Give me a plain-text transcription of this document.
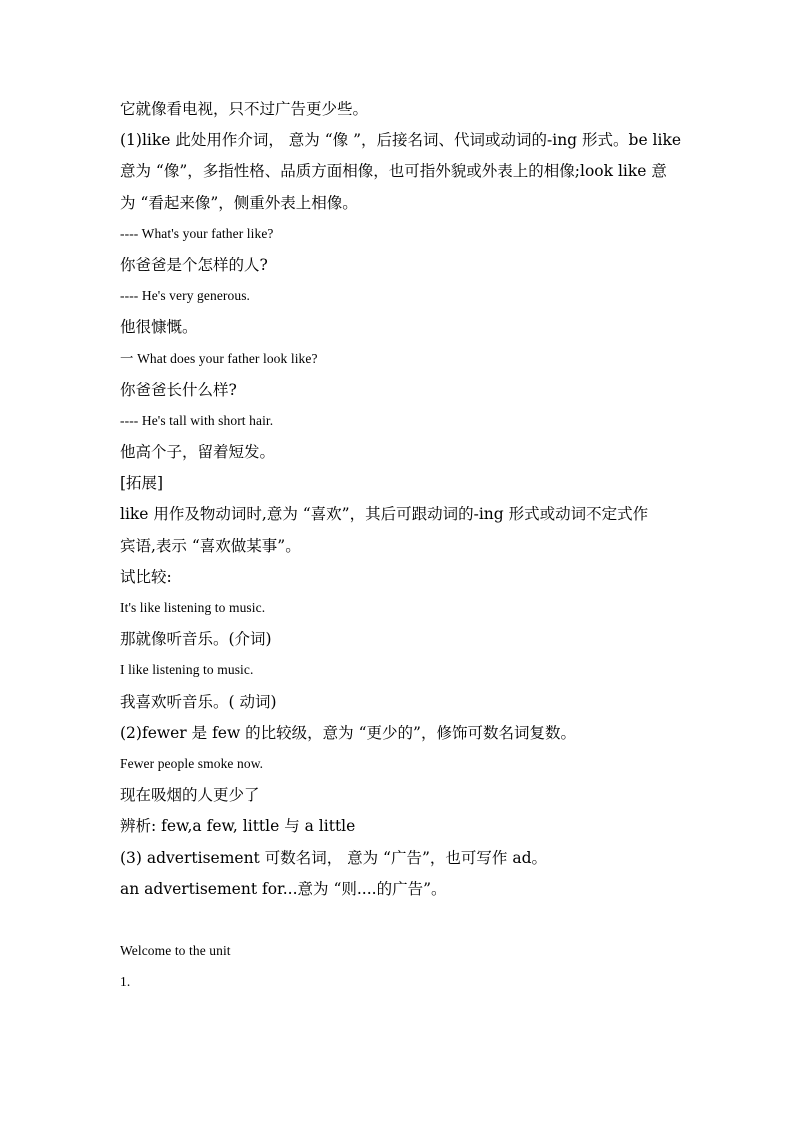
它就像看电视，只不过广告更少些。
(1)like 此处用作介词， 意为 “像 ”，后接名词、代词或动词的-ing 形式。be like
意为 “像”，多指性格、品质方面相像，也可指外貌或外表上的相像;look like 意
为 “看起来像”，侧重外表上相像。
---- What's your father like?
你爸爸是个怎样的人?
---- He's very generous.
他很慷慨。
一 What does your father look like?
你爸爸长什么样?
---- He's tall with short hair.
他高个子，留着短发。
[拓展]
like 用作及物动词时,意为 “喜欢”，其后可跟动词的-ing 形式或动词不定式作
宾语,表示 “喜欢做某事”。
试比较:
It's like listening to music.
那就像听音乐。(介词)
I like listening to music.
我喜欢听音乐。( 动词)
(2)fewer 是 few 的比较级，意为 “更少的”，修饰可数名词复数。
Fewer people smoke now.
现在吸烟的人更少了
辨析: few,a few, little 与 a little
(3) advertisement 可数名词， 意为 “广告”，也可写作 ad。
an advertisement for...意为 “则....的广告”。
Welcome to the unit
1.
